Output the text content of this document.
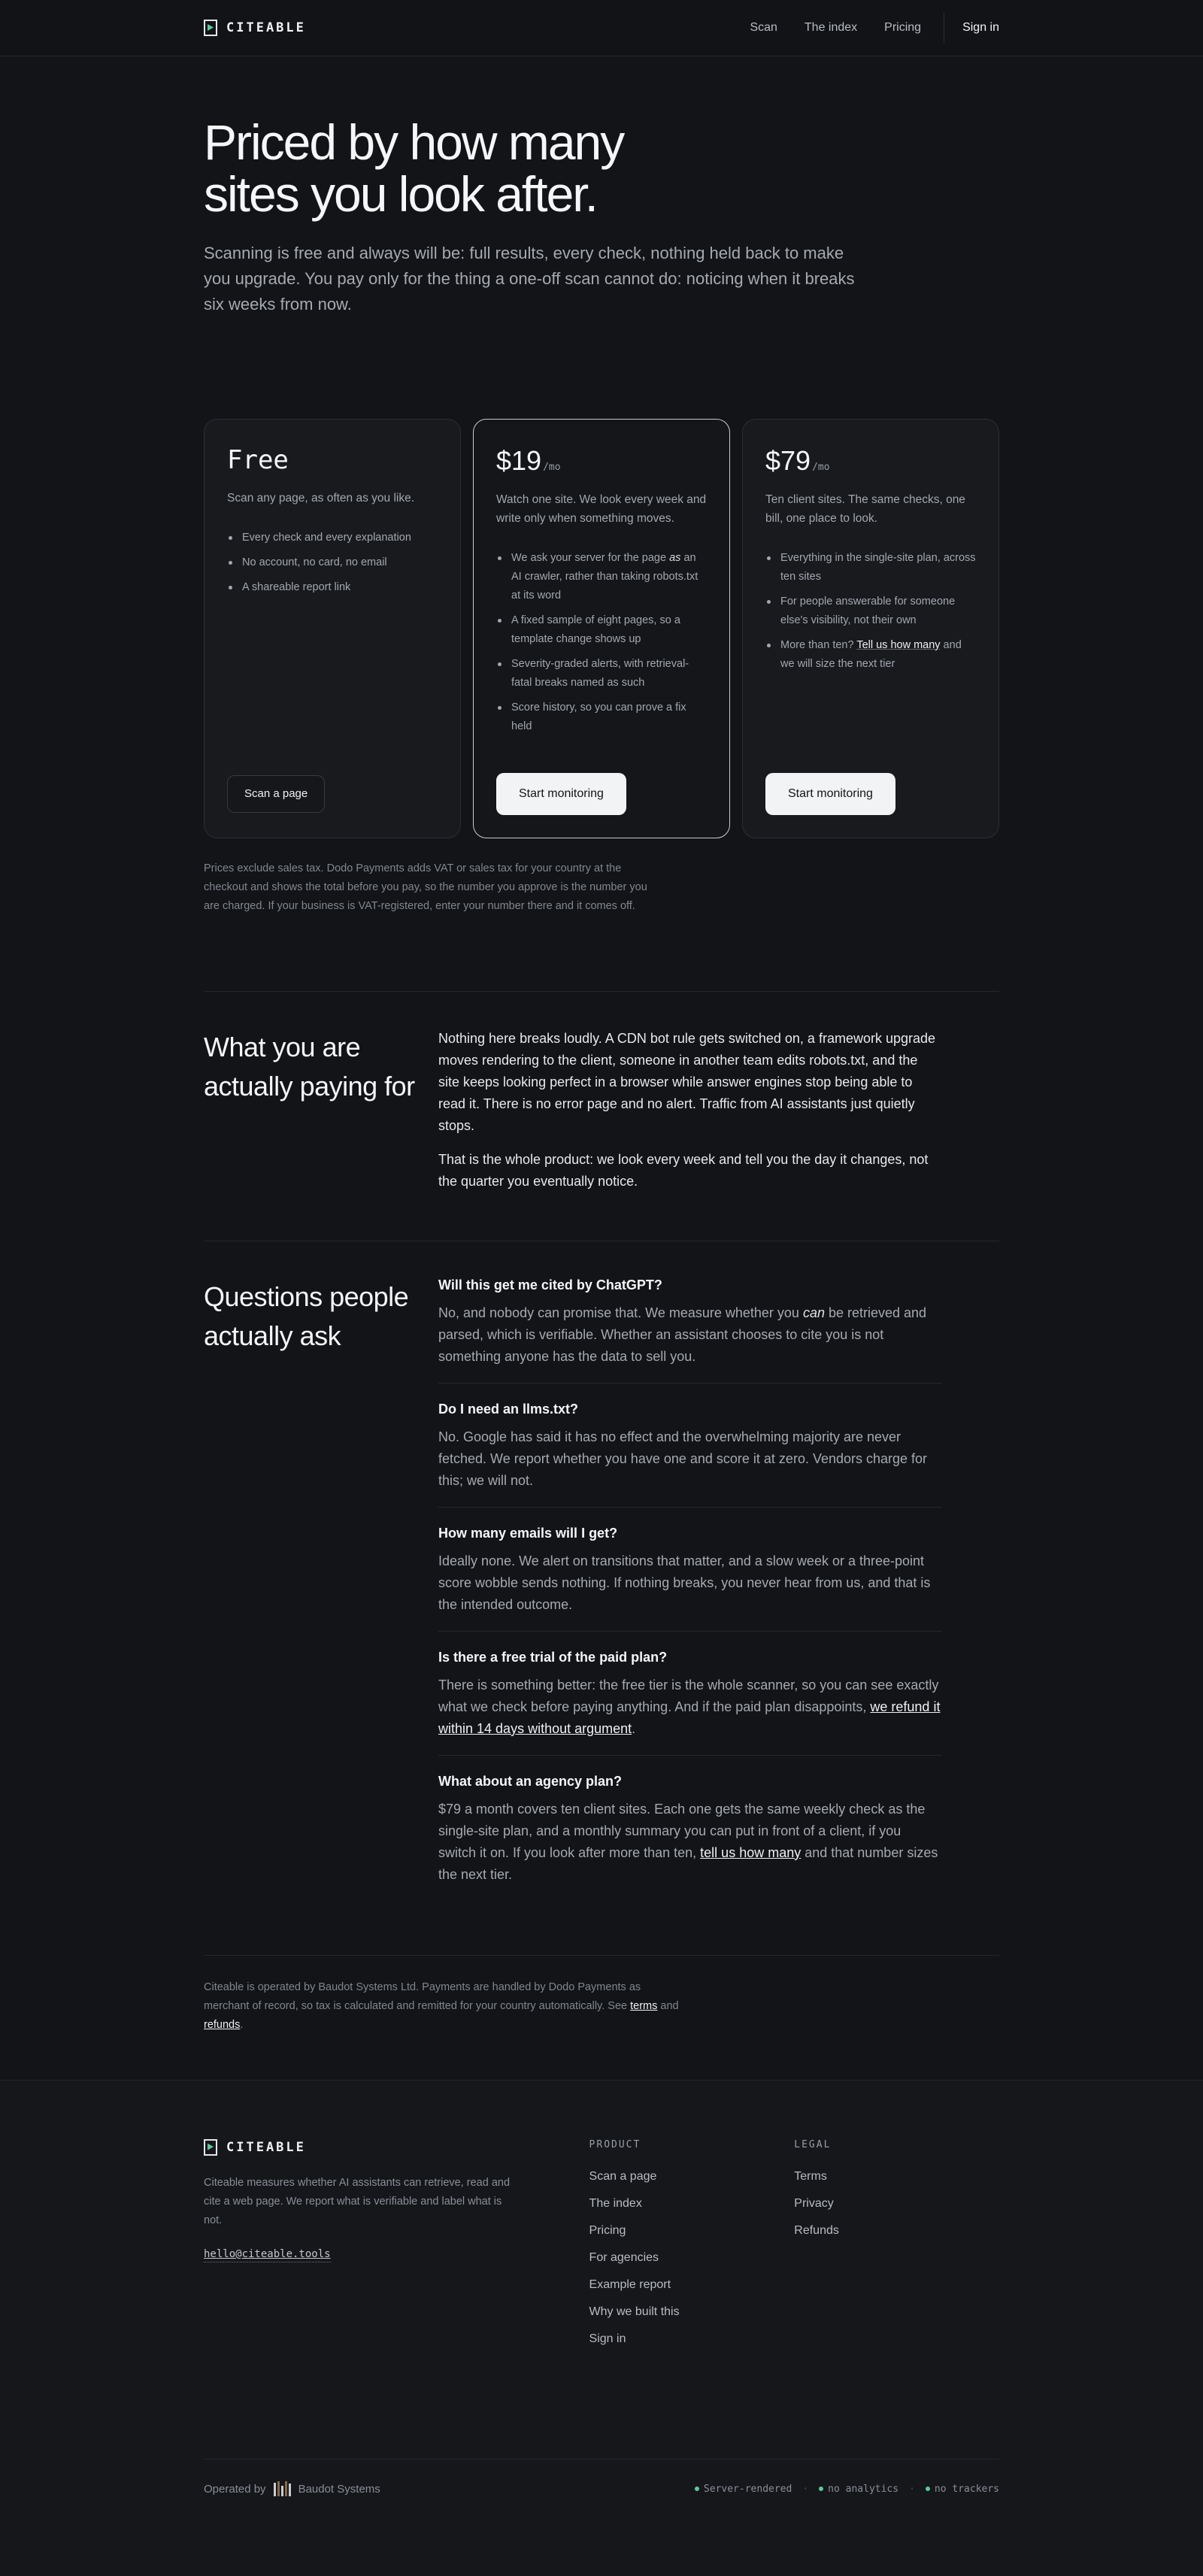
CITEABLE	Scan The index Pricing	Sign in
Priced by how many sites you look after.

Scanning is free and always will be: full results, every check, nothing held back to make you upgrade. You pay only for the thing a one-off scan cannot do: noticing when it breaks six weeks from now.

Free

Scan any page, as often as you like.

Every check and every explanation
No account, no card, no email
A shareable report link
Scan a page
$19 /mo

Watch one site. We look every week and write only when something moves.

We ask your server for the page as an AI crawler, rather than taking robots.txt at its word
A fixed sample of eight pages, so a template change shows up
Severity-graded alerts, with retrieval-fatal breaks named as such
Score history, so you can prove a fix held
Start monitoring
$79 /mo

Ten client sites. The same checks, one bill, one place to look.

Everything in the single-site plan, across ten sites
For people answerable for someone else's visibility, not their own
More than ten? Tell us how many and we will size the next tier
Start monitoring

Prices exclude sales tax. Dodo Payments adds VAT or sales tax for your country at the checkout and shows the total before you pay, so the number you approve is the number you are charged. If your business is VAT-registered, enter your number there and it comes off.

What you are actually paying for

Nothing here breaks loudly. A CDN bot rule gets switched on, a framework upgrade moves rendering to the client, someone in another team edits robots.txt, and the site keeps looking perfect in a browser while answer engines stop being able to read it. There is no error page and no alert. Traffic from AI assistants just quietly stops.

That is the whole product: we look every week and tell you the day it changes, not the quarter you eventually notice.

Questions people actually ask
Will this get me cited by ChatGPT?

No, and nobody can promise that. We measure whether you can be retrieved and parsed, which is verifiable. Whether an assistant chooses to cite you is not something anyone has the data to sell you.

Do I need an llms.txt?

No. Google has said it has no effect and the overwhelming majority are never fetched. We report whether you have one and score it at zero. Vendors charge for this; we will not.

How many emails will I get?

Ideally none. We alert on transitions that matter, and a slow week or a three-point score wobble sends nothing. If nothing breaks, you never hear from us, and that is the intended outcome.

Is there a free trial of the paid plan?

There is something better: the free tier is the whole scanner, so you can see exactly what we check before paying anything. And if the paid plan disappoints, we refund it within 14 days without argument.

What about an agency plan?

$79 a month covers ten client sites. Each one gets the same weekly check as the single-site plan, and a monthly summary you can put in front of a client, if you switch it on. If you look after more than ten, tell us how many and that number sizes the next tier.

Citeable is operated by Baudot Systems Ltd. Payments are handled by Dodo Payments as merchant of record, so tax is calculated and remitted for your country automatically. See terms and refunds.

CITEABLE

Citeable measures whether AI assistants can retrieve, read and cite a web page. We report what is verifiable and label what is not.

hello@citeable.tools
PRODUCT
Scan a page
The index
Pricing
For agencies
Example report
Why we built this
Sign in
LEGAL
Terms
Privacy
Refunds
Operated by	Baudot Systems	Server-rendered ·	no analytics ·	no trackers
